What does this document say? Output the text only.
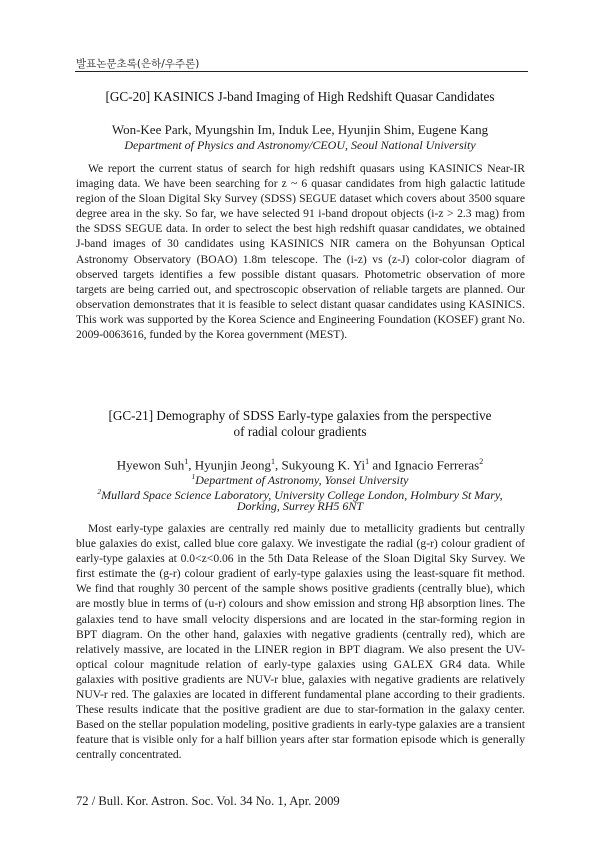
발표논문초록(은하/우주론)
[GC-20] KASINICS J-band Imaging of High Redshift Quasar Candidates
Won-Kee Park, Myungshin Im, Induk Lee, Hyunjin Shim, Eugene Kang
Department of Physics and Astronomy/CEOU, Seoul National University

We report the current status of search for high redshift quasars using KASINICS Near-IR imaging data. We have been searching for z ~ 6 quasar candidates from high galactic latitude region of the Sloan Digital Sky Survey (SDSS) SEGUE dataset which covers about 3500 square degree area in the sky. So far, we have selected 91 i-band dropout objects (i-z > 2.3 mag) from the SDSS SEGUE data. In order to select the best high redshift quasar candidates, we obtained J-band images of 30 candidates using KASINICS NIR camera on the Bohyunsan Optical Astronomy Observatory (BOAO) 1.8m telescope. The (i-z) vs (z-J) color-color diagram of observed targets identifies a few possible distant quasars. Photometric observation of more targets are being carried out, and spectroscopic observation of reliable targets are planned. Our observation demonstrates that it is feasible to select distant quasar candidates using KASINICS. This work was supported by the Korea Science and Engineering Foundation (KOSEF) grant No. 2009-0063616, funded by the Korea government (MEST).

[GC-21] Demography of SDSS Early-type galaxies from the perspective
of radial colour gradients
Hyewon Suh$^1$, Hyunjin Jeong$^1$, Sukyoung K. Yi$^1$ and Ignacio Ferreras$^2$
$^1$Department of Astronomy, Yonsei University
$^2$Mullard Space Science Laboratory, University College London, Holmbury St Mary,
Dorking, Surrey RH5 6NT

Most early-type galaxies are centrally red mainly due to metallicity gradients but centrally blue galaxies do exist, called blue core galaxy. We investigate the radial (g-r) colour gradient of early-type galaxies at 0.0<z<0.06 in the 5th Data Release of the Sloan Digital Sky Survey. We first estimate the (g-r) colour gradient of early-type galaxies using the least-square fit method. We find that roughly 30 percent of the sample shows positive gradients (centrally blue), which are mostly blue in terms of (u-r) colours and show emission and strong Hβ absorption lines. The galaxies tend to have small velocity dispersions and are located in the star-forming region in BPT diagram. On the other hand, galaxies with negative gradients (centrally red), which are relatively massive, are located in the LINER region in BPT diagram. We also present the UV-optical colour magnitude relation of early-type galaxies using GALEX GR4 data. While galaxies with positive gradients are NUV-r blue, galaxies with negative gradients are relatively NUV-r red. The galaxies are located in different fundamental plane according to their gradients. These results indicate that the positive gradient are due to star-formation in the galaxy center. Based on the stellar population modeling, positive gradients in early-type galaxies are a transient feature that is visible only for a half billion years after star formation episode which is generally centrally concentrated.

72 / Bull. Kor. Astron. Soc. Vol. 34 No. 1, Apr. 2009
